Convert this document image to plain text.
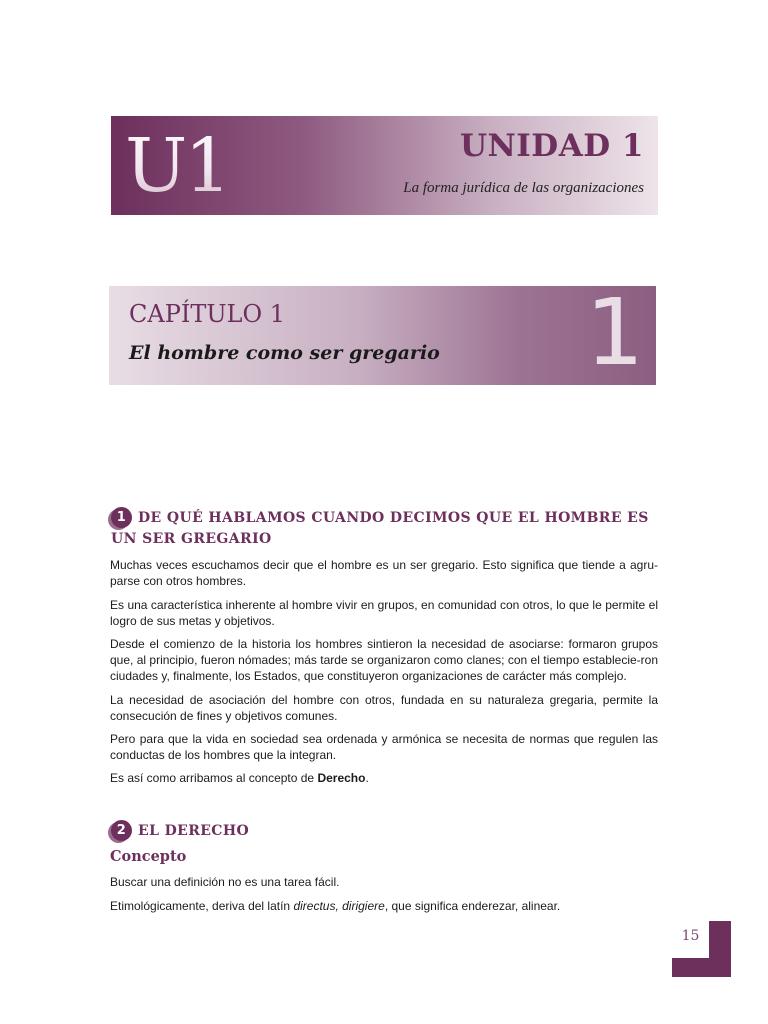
U1	UNIDAD 1
La forma jurídica de las organizaciones
CAPÍTULO 1
El hombre como ser gregario 1
1 DE QUÉ HABLAMOS CUANDO DECIMOS QUE EL HOMBRE ES UN SER GREGARIO

Muchas veces escuchamos decir que el hombre es un ser gregario. Esto significa que tiende a agru-parse con otros hombres.

Es una característica inherente al hombre vivir en grupos, en comunidad con otros, lo que le permite el logro de sus metas y objetivos.

Desde el comienzo de la historia los hombres sintieron la necesidad de asociarse: formaron grupos que, al principio, fueron nómades; más tarde se organizaron como clanes; con el tiempo establecie-ron ciudades y, finalmente, los Estados, que constituyeron organizaciones de carácter más complejo.

La necesidad de asociación del hombre con otros, fundada en su naturaleza gregaria, permite la consecución de fines y objetivos comunes.

Pero para que la vida en sociedad sea ordenada y armónica se necesita de normas que regulen las conductas de los hombres que la integran.

Es así como arribamos al concepto de Derecho.

2 EL DERECHO
Concepto

Buscar una definición no es una tarea fácil.

Etimológicamente, deriva del latín directus, dirigiere, que significa enderezar, alinear.

15
